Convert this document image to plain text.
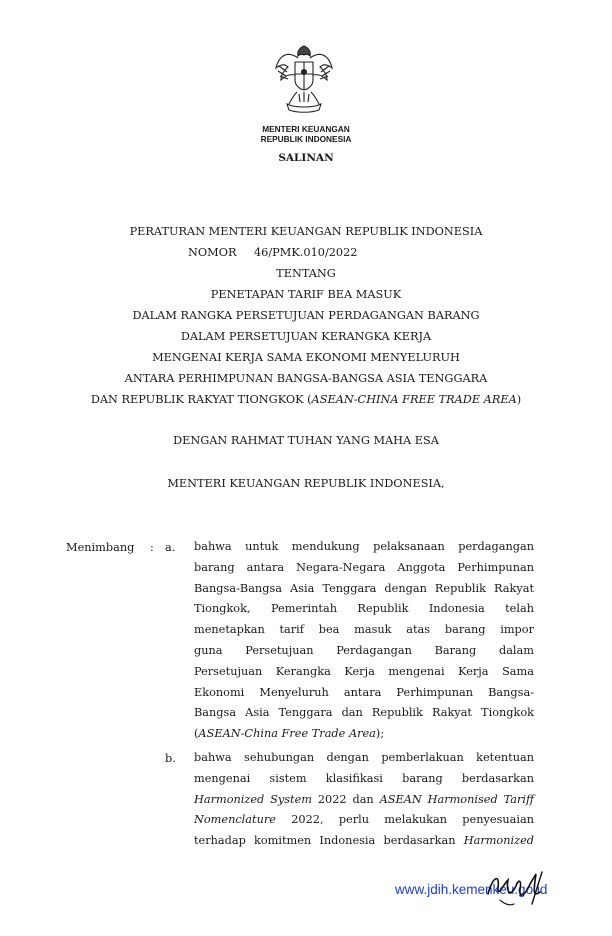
MENTERI KEUANGAN
REPUBLIK INDONESIA
SALINAN
PERATURAN MENTERI KEUANGAN REPUBLIK INDONESIA
NOMOR 46/PMK.010/2022
TENTANG
PENETAPAN TARIF BEA MASUK
DALAM RANGKA PERSETUJUAN PERDAGANGAN BARANG
DALAM PERSETUJUAN KERANGKA KERJA
MENGENAI KERJA SAMA EKONOMI MENYELURUH
ANTARA PERHIMPUNAN BANGSA-BANGSA ASIA TENGGARA
DAN REPUBLIK RAKYAT TIONGKOK (ASEAN-CHINA FREE TRADE AREA)
DENGAN RAHMAT TUHAN YANG MAHA ESA
MENTERI KEUANGAN REPUBLIK INDONESIA,
Menimbang : a. bahwa untuk mendukung pelaksanaan perdagangan
barang antara Negara-Negara Anggota Perhimpunan
Bangsa-Bangsa Asia Tenggara dengan Republik Rakyat
Tiongkok, Pemerintah Republik Indonesia telah
menetapkan tarif bea masuk atas barang impor
guna Persetujuan Perdagangan Barang dalam
Persetujuan Kerangka Kerja mengenai Kerja Sama
Ekonomi Menyeluruh antara Perhimpunan Bangsa-
Bangsa Asia Tenggara dan Republik Rakyat Tiongkok
(ASEAN-China Free Trade Area);
b. bahwa sehubungan dengan pemberlakuan ketentuan
mengenai sistem klasifikasi barang berdasarkan
Harmonized System 2022 dan ASEAN Harmonised Tariff
Nomenclature 2022, perlu melakukan penyesuaian
terhadap komitmen Indonesia berdasarkan Harmonized
www.jdih.kemenkeu.go.id
